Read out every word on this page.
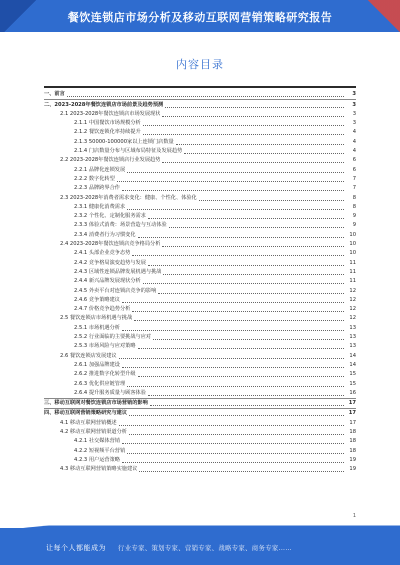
餐饮连锁店市场分析及移动互联网营销策略研究报告
内容目录
一、前言	3
二、2023-2028年餐饮连锁店市场前景及趋势预测	3
2.1 2023-2028年餐饮连锁店市场发展现状	3
2.1.1 中国餐饮市场规模分析	3
2.1.2 餐饮连锁化率持续提升	4
2.1.3 50000-100000家以上连锁门店数量	4
2.1.4 门店数量分布与区域布局特征及发展趋势	4
2.2 2023-2028年餐饮连锁店行业发展趋势	6
2.2.1 品牌化连锁发展	6
2.2.2 数字化转型	7
2.2.3 品牌跨界合作	7
2.3 2023-2028年消费者需求变化：健康、个性化、体验化	8
2.3.1 健康化消费需求	8
2.3.2 个性化、定制化服务需求	9
2.3.3 体验式消费：场景营造与互动体验	9
2.3.4 消费者行为习惯变化	10
2.4 2023-2028年餐饮连锁店竞争格局分析	10
2.4.1 头部企业竞争态势	10
2.4.2 竞争格局演变趋势与发展	11
2.4.3 区域性连锁品牌发展机遇与挑战	11
2.4.4 新兴品牌发展现状分析	11
2.4.5 外卖平台对连锁店竞争的影响	12
2.4.6 竞争策略建议	12
2.4.7 价格竞争趋势分析	12
2.5 餐饮连锁店市场机遇与挑战	12
2.5.1 市场机遇分析	13
2.5.2 行业面临的主要挑战与应对	13
2.5.3 市场风险与应对策略	13
2.6 餐饮连锁店发展建议	14
2.6.1 加强品牌建设	14
2.6.2 推进数字化转型升级	15
2.6.3 优化供应链管理	15
2.6.4 提升服务质量与顾客体验	16
三、移动互联网对餐饮连锁店市场营销的影响	17
四、移动互联网营销策略研究与建议	17
4.1 移动互联网营销概述	17
4.2 移动互联网营销渠道分析	18
4.2.1 社交媒体营销	18
4.2.2 短视频平台营销	18
4.2.3 用户运营策略	19
4.3 移动互联网营销策略实施建议	19
1
让每个人都能成为 行业专家、策划专家、营销专家、战略专家、商务专家……
